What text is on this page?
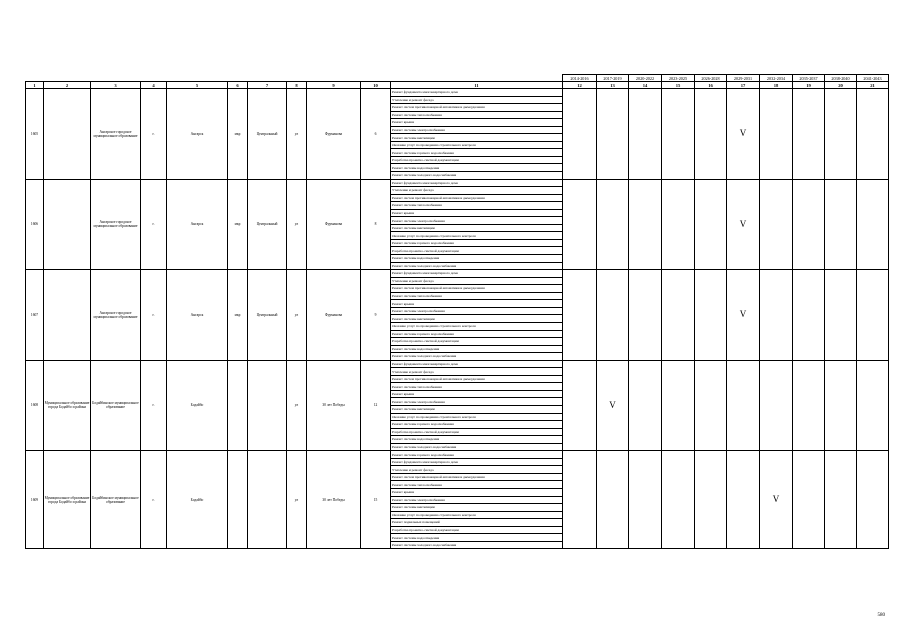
											2014-2016	2017-2019	2020-2022	2023-2025	2026-2028	2029-2031	2032-2034	2035-2037	2038-2040	2041-2043
1	2	3	4	5	6	7	8	9	10	11	12	13	14	15	16	17	18	19	20	21
1605		Ангарское городское муниципальное образование	г.	Ангарск	мкр	Центральный	ул	Фурманова	6	Ремонт фундамента многоквартирного дома						V				
										Утепление и ремонт фасада										
										Ремонт систем противопожарной автоматики и дымоудаления										
										Ремонт системы теплоснабжения										
										Ремонт крыши										
										Ремонт системы электроснабжения										
										Ремонт системы вентиляции										
										Оказание услуг по проведению строительного контроля										
										Ремонт системы горячего водоснабжения										
										Разработка проектно-сметной документации										
										Ремонт системы водоотведения										
										Ремонт системы холодного водоснабжения										
1606		Ангарское городское муниципальное образование	г.	Ангарск	мкр	Центральный	ул	Фурманова	8	Ремонт фундамента многоквартирного дома						V				
										Утепление и ремонт фасада										
										Ремонт систем противопожарной автоматики и дымоудаления										
										Ремонт системы теплоснабжения										
										Ремонт крыши										
										Ремонт системы электроснабжения										
										Ремонт системы вентиляции										
										Оказание услуг по проведению строительного контроля										
										Ремонт системы горячего водоснабжения										
										Разработка проектно-сметной документации										
										Ремонт системы водоотведения										
										Ремонт системы холодного водоснабжения										
1607		Ангарское городское муниципальное образование	г.	Ангарск	мкр	Центральный	ул	Фурманова	9	Ремонт фундамента многоквартирного дома						V				
										Утепление и ремонт фасада										
										Ремонт систем противопожарной автоматики и дымоудаления										
										Ремонт системы теплоснабжения										
										Ремонт крыши										
										Ремонт системы электроснабжения										
										Ремонт системы вентиляции										
										Оказание услуг по проведению строительного контроля										
										Ремонт системы горячего водоснабжения										
										Разработка проектно-сметной документации										
										Ремонт системы водоотведения										
										Ремонт системы холодного водоснабжения										
1608	Муниципальное образование города Бодайбо и района	Бодайбинское муниципальное образование	г.	Бодайбо			ул	30 лет Победы	12	Ремонт фундамента многоквартирного дома		V								
										Утепление и ремонт фасада										
										Ремонт систем противопожарной автоматики и дымоудаления										
										Ремонт системы теплоснабжения										
										Ремонт крыши										
										Ремонт системы электроснабжения										
										Ремонт системы вентиляции										
										Оказание услуг по проведению строительного контроля										
										Ремонт системы горячего водоснабжения										
										Разработка проектно-сметной документации										
										Ремонт системы водоотведения										
										Ремонт системы холодного водоснабжения										
1609	Муниципальное образование города Бодайбо и района	Бодайбинское муниципальное образование	г.	Бодайбо			ул	30 лет Победы	15	Ремонт системы горячего водоснабжения							V			
										Ремонт фундамента многоквартирного дома										
										Утепление и ремонт фасада										
										Ремонт систем противопожарной автоматики и дымоудаления										
										Ремонт системы теплоснабжения										
										Ремонт крыши										
										Ремонт системы электроснабжения										
										Ремонт системы вентиляции										
										Оказание услуг по проведению строительного контроля										
										Ремонт подвальных помещений										
										Разработка проектно-сметной документации										
										Ремонт системы водоотведения										
										Ремонт системы холодного водоснабжения										
580
